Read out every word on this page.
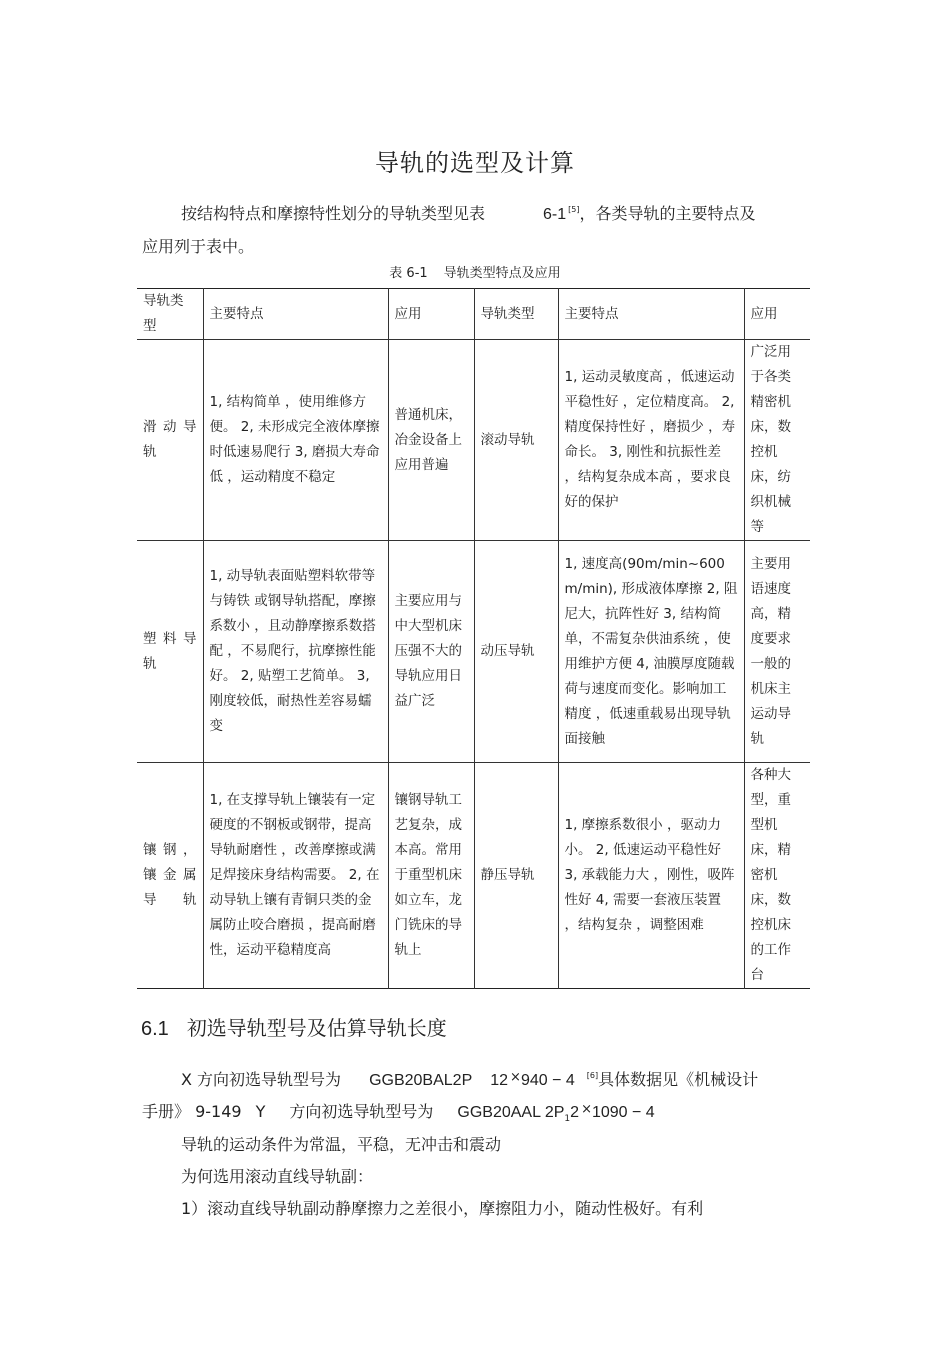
导轨的选型及计算
按结构特点和摩擦特性划分的导轨类型见表	6-1 [5]，各类导轨的主要特点及
应用列于表中。
表 6-1 导轨类型特点及应用
导轨类型	主要特点	应用	导轨类型	主要特点	应用
滑动导轨	1, 结构简单 ，使用维修方便。 2, 未形成完全液体摩擦时低速易爬行 3, 磨损大寿命低 ，运动精度不稳定	普通机床，冶金设备上应用普遍	滚动导轨	1, 运动灵敏度高 ，低速运动平稳性好 ，定位精度高。 2, 精度保持性好 ，磨损少 ，寿命长。 3, 刚性和抗振性差 ，结构复杂成本高 ，要求良好的保护	广泛用于各类精密机床，数控机床，纺织机械等
塑料导轨	1, 动导轨表面贴塑料软带等与铸铁 或钢导轨搭配，摩擦系数小 ，且动静摩擦系数搭配 ，不易爬行，抗摩擦性能好。 2, 贴塑工艺简单。 3, 刚度较低，耐热性差容易蠕变	主要应用与中大型机床压强不大的导轨应用日益广泛	动压导轨	1, 速度高(90m/min~600m/min), 形成液体摩擦 2, 阻尼大，抗阵性好 3, 结构简单，不需复杂供油系统 ，使用维护方便 4, 油膜厚度随载荷与速度而变化。影响加工精度 ，低速重载易出现导轨面接触	主要用语速度高，精度要求一般的机床主运动导轨
镶钢，镶金属导轨	1, 在支撑导轨上镶装有一定硬度的不钢板或钢带，提高导轨耐磨性 ，改善摩擦或满足焊接床身结构需要。 2, 在动导轨上镶有青铜只类的金属防止咬合磨损 ，提高耐磨性，运动平稳精度高	镶钢导轨工艺复杂，成本高。常用于重型机床如立车，龙门铣床的导轨上	静压导轨	1, 摩擦系数很小 ，驱动力小。 2, 低速运动平稳性好 3, 承载能力大 ，刚性，吸阵性好 4, 需要一套液压装置 ，结构复杂 ，调整困难	各种大型，重型机床，精密机床，数控机床的工作台
6.1 初选导轨型号及估算导轨长度
X 方向初选导轨型号为 GGB20BAL2P 12 ×940 − 4 [6]具体数据见《机械设计
手册》 9-149 Y 方向初选导轨型号为 GGB20AAL $2P_12$ ×1090 − 4
导轨的运动条件为常温，平稳，无冲击和震动
为何选用滚动直线导轨副：
1）滚动直线导轨副动静摩擦力之差很小，摩擦阻力小，随动性极好。有利
